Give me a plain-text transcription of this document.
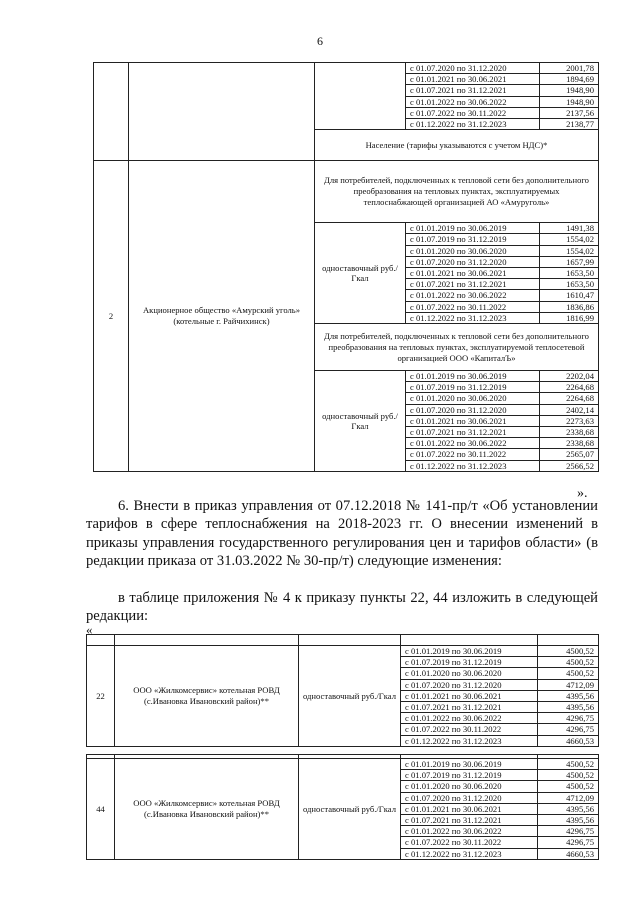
6
			с 01.07.2020 по 31.12.2020	2001,78
			с 01.01.2021 по 30.06.2021	1894,69
			с 01.07.2021 по 31.12.2021	1948,90
			с 01.01.2022 по 30.06.2022	1948,90
			с 01.07.2022 по 30.11.2022	2137,56
			с 01.12.2022 по 31.12.2023	2138,77
		Население (тарифы указываются с учетом НДС)*		
2	Акционерное общество «Амурский уголь» (котельные г. Райчихинск)	Для потребителей, подключенных к тепловой сети без дополнительного преобразования на тепловых пунктах, эксплуатируемых теплоснабжающей организацией АО «Амуруголь»		
		одноставочный руб./Гкал	с 01.01.2019 по 30.06.2019	1491,38
			с 01.07.2019 по 31.12.2019	1554,02
			с 01.01.2020 по 30.06.2020	1554,02
			с 01.07.2020 по 31.12.2020	1657,99
			с 01.01.2021 по 30.06.2021	1653,50
			с 01.07.2021 по 31.12.2021	1653,50
			с 01.01.2022 по 30.06.2022	1610,47
			с 01.07.2022 по 30.11.2022	1836,86
			с 01.12.2022 по 31.12.2023	1816,99
		Для потребителей, подключенных к тепловой сети без дополнительного преобразования на тепловых пунктах, эксплуатируемой теплосетевой организацией ООО «КапиталЪ»		
		одноставочный руб./Гкал	с 01.01.2019 по 30.06.2019	2202,04
			с 01.07.2019 по 31.12.2019	2264,68
			с 01.01.2020 по 30.06.2020	2264,68
			с 01.07.2020 по 31.12.2020	2402,14
			с 01.01.2021 по 30.06.2021	2273,63
			с 01.07.2021 по 31.12.2021	2338,68
			с 01.01.2022 по 30.06.2022	2338,68
			с 01.07.2022 по 30.11.2022	2565,07
			с 01.12.2022 по 31.12.2023	2566,52
».
6. Внести в приказ управления от 07.12.2018 № 141-пр/т «Об установлении тарифов в сфере теплоснабжения на 2018-2023 гг. О внесении изменений в приказы управления государственного регулирования цен и тарифов области» (в редакции приказа от 31.03.2022 № 30-пр/т) следующие изменения:
в таблице приложения № 4 к приказу пункты 22, 44 изложить в следующей редакции:
«

22	ООО «Жилкомсервис» котельная РОВД (с.Ивановка Ивановский район)**	одноставочный руб./Гкал	с 01.01.2019 по 30.06.2019	4500,52
			с 01.07.2019 по 31.12.2019	4500,52
			с 01.01.2020 по 30.06.2020	4500,52
			с 01.07.2020 по 31.12.2020	4712,09
			с 01.01.2021 по 30.06.2021	4395,56
			с 01.07.2021 по 31.12.2021	4395,56
			с 01.01.2022 по 30.06.2022	4296,75
			с 01.07.2022 по 30.11.2022	4296,75
			с 01.12.2022 по 31.12.2023	4660,53

44	ООО «Жилкомсервис» котельная РОВД (с.Ивановка Ивановский район)**	одноставочный руб./Гкал	с 01.01.2019 по 30.06.2019	4500,52
			с 01.07.2019 по 31.12.2019	4500,52
			с 01.01.2020 по 30.06.2020	4500,52
			с 01.07.2020 по 31.12.2020	4712,09
			с 01.01.2021 по 30.06.2021	4395,56
			с 01.07.2021 по 31.12.2021	4395,56
			с 01.01.2022 по 30.06.2022	4296,75
			с 01.07.2022 по 30.11.2022	4296,75
			с 01.12.2022 по 31.12.2023	4660,53
